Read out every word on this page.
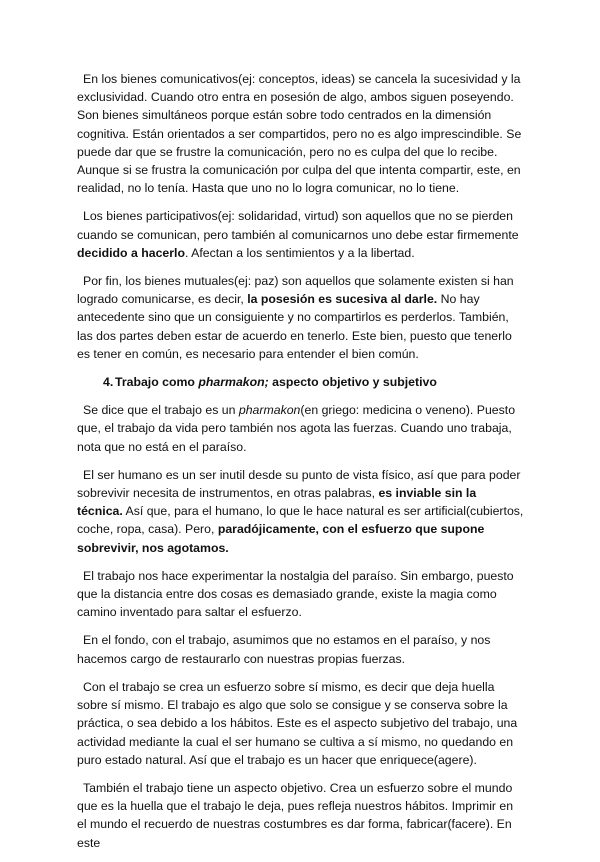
En los bienes comunicativos(ej: conceptos, ideas) se cancela la sucesividad y la exclusividad. Cuando otro entra en posesión de algo, ambos siguen poseyendo. Son bienes simultáneos porque están sobre todo centrados en la dimensión cognitiva. Están orientados a ser compartidos, pero no es algo imprescindible. Se puede dar que se frustre la comunicación, pero no es culpa del que lo recibe. Aunque si se frustra la comunicación por culpa del que intenta compartir, este, en realidad, no lo tenía. Hasta que uno no lo logra comunicar, no lo tiene.

Los bienes participativos(ej: solidaridad, virtud) son aquellos que no se pierden cuando se comunican, pero también al comunicarnos uno debe estar firmemente decidido a hacerlo. Afectan a los sentimientos y a la libertad.

Por fin, los bienes mutuales(ej: paz) son aquellos que solamente existen si han logrado comunicarse, es decir, la posesión es sucesiva al darle. No hay antecedente sino que un consiguiente y no compartirlos es perderlos. También, las dos partes deben estar de acuerdo en tenerlo. Este bien, puesto que tenerlo es tener en común, es necesario para entender el bien común.

4. Trabajo como pharmakon; aspecto objetivo y subjetivo

Se dice que el trabajo es un pharmakon(en griego: medicina o veneno). Puesto que, el trabajo da vida pero también nos agota las fuerzas. Cuando uno trabaja, nota que no está en el paraíso.

El ser humano es un ser inutil desde su punto de vista físico, así que para poder sobrevivir necesita de instrumentos, en otras palabras, es inviable sin la técnica. Así que, para el humano, lo que le hace natural es ser artificial(cubiertos, coche, ropa, casa). Pero, paradójicamente, con el esfuerzo que supone sobrevivir, nos agotamos.

El trabajo nos hace experimentar la nostalgia del paraíso. Sin embargo, puesto que la distancia entre dos cosas es demasiado grande, existe la magia como camino inventado para saltar el esfuerzo.

En el fondo, con el trabajo, asumimos que no estamos en el paraíso, y nos hacemos cargo de restaurarlo con nuestras propias fuerzas.

Con el trabajo se crea un esfuerzo sobre sí mismo, es decir que deja huella sobre sí mismo. El trabajo es algo que solo se consigue y se conserva sobre la práctica, o sea debido a los hábitos. Este es el aspecto subjetivo del trabajo, una actividad mediante la cual el ser humano se cultiva a sí mismo, no quedando en puro estado natural. Así que el trabajo es un hacer que enriquece(agere).

También el trabajo tiene un aspecto objetivo. Crea un esfuerzo sobre el mundo que es la huella que el trabajo le deja, pues refleja nuestros hábitos. Imprimir en el mundo el recuerdo de nuestras costumbres es dar forma, fabricar(facere). En este
